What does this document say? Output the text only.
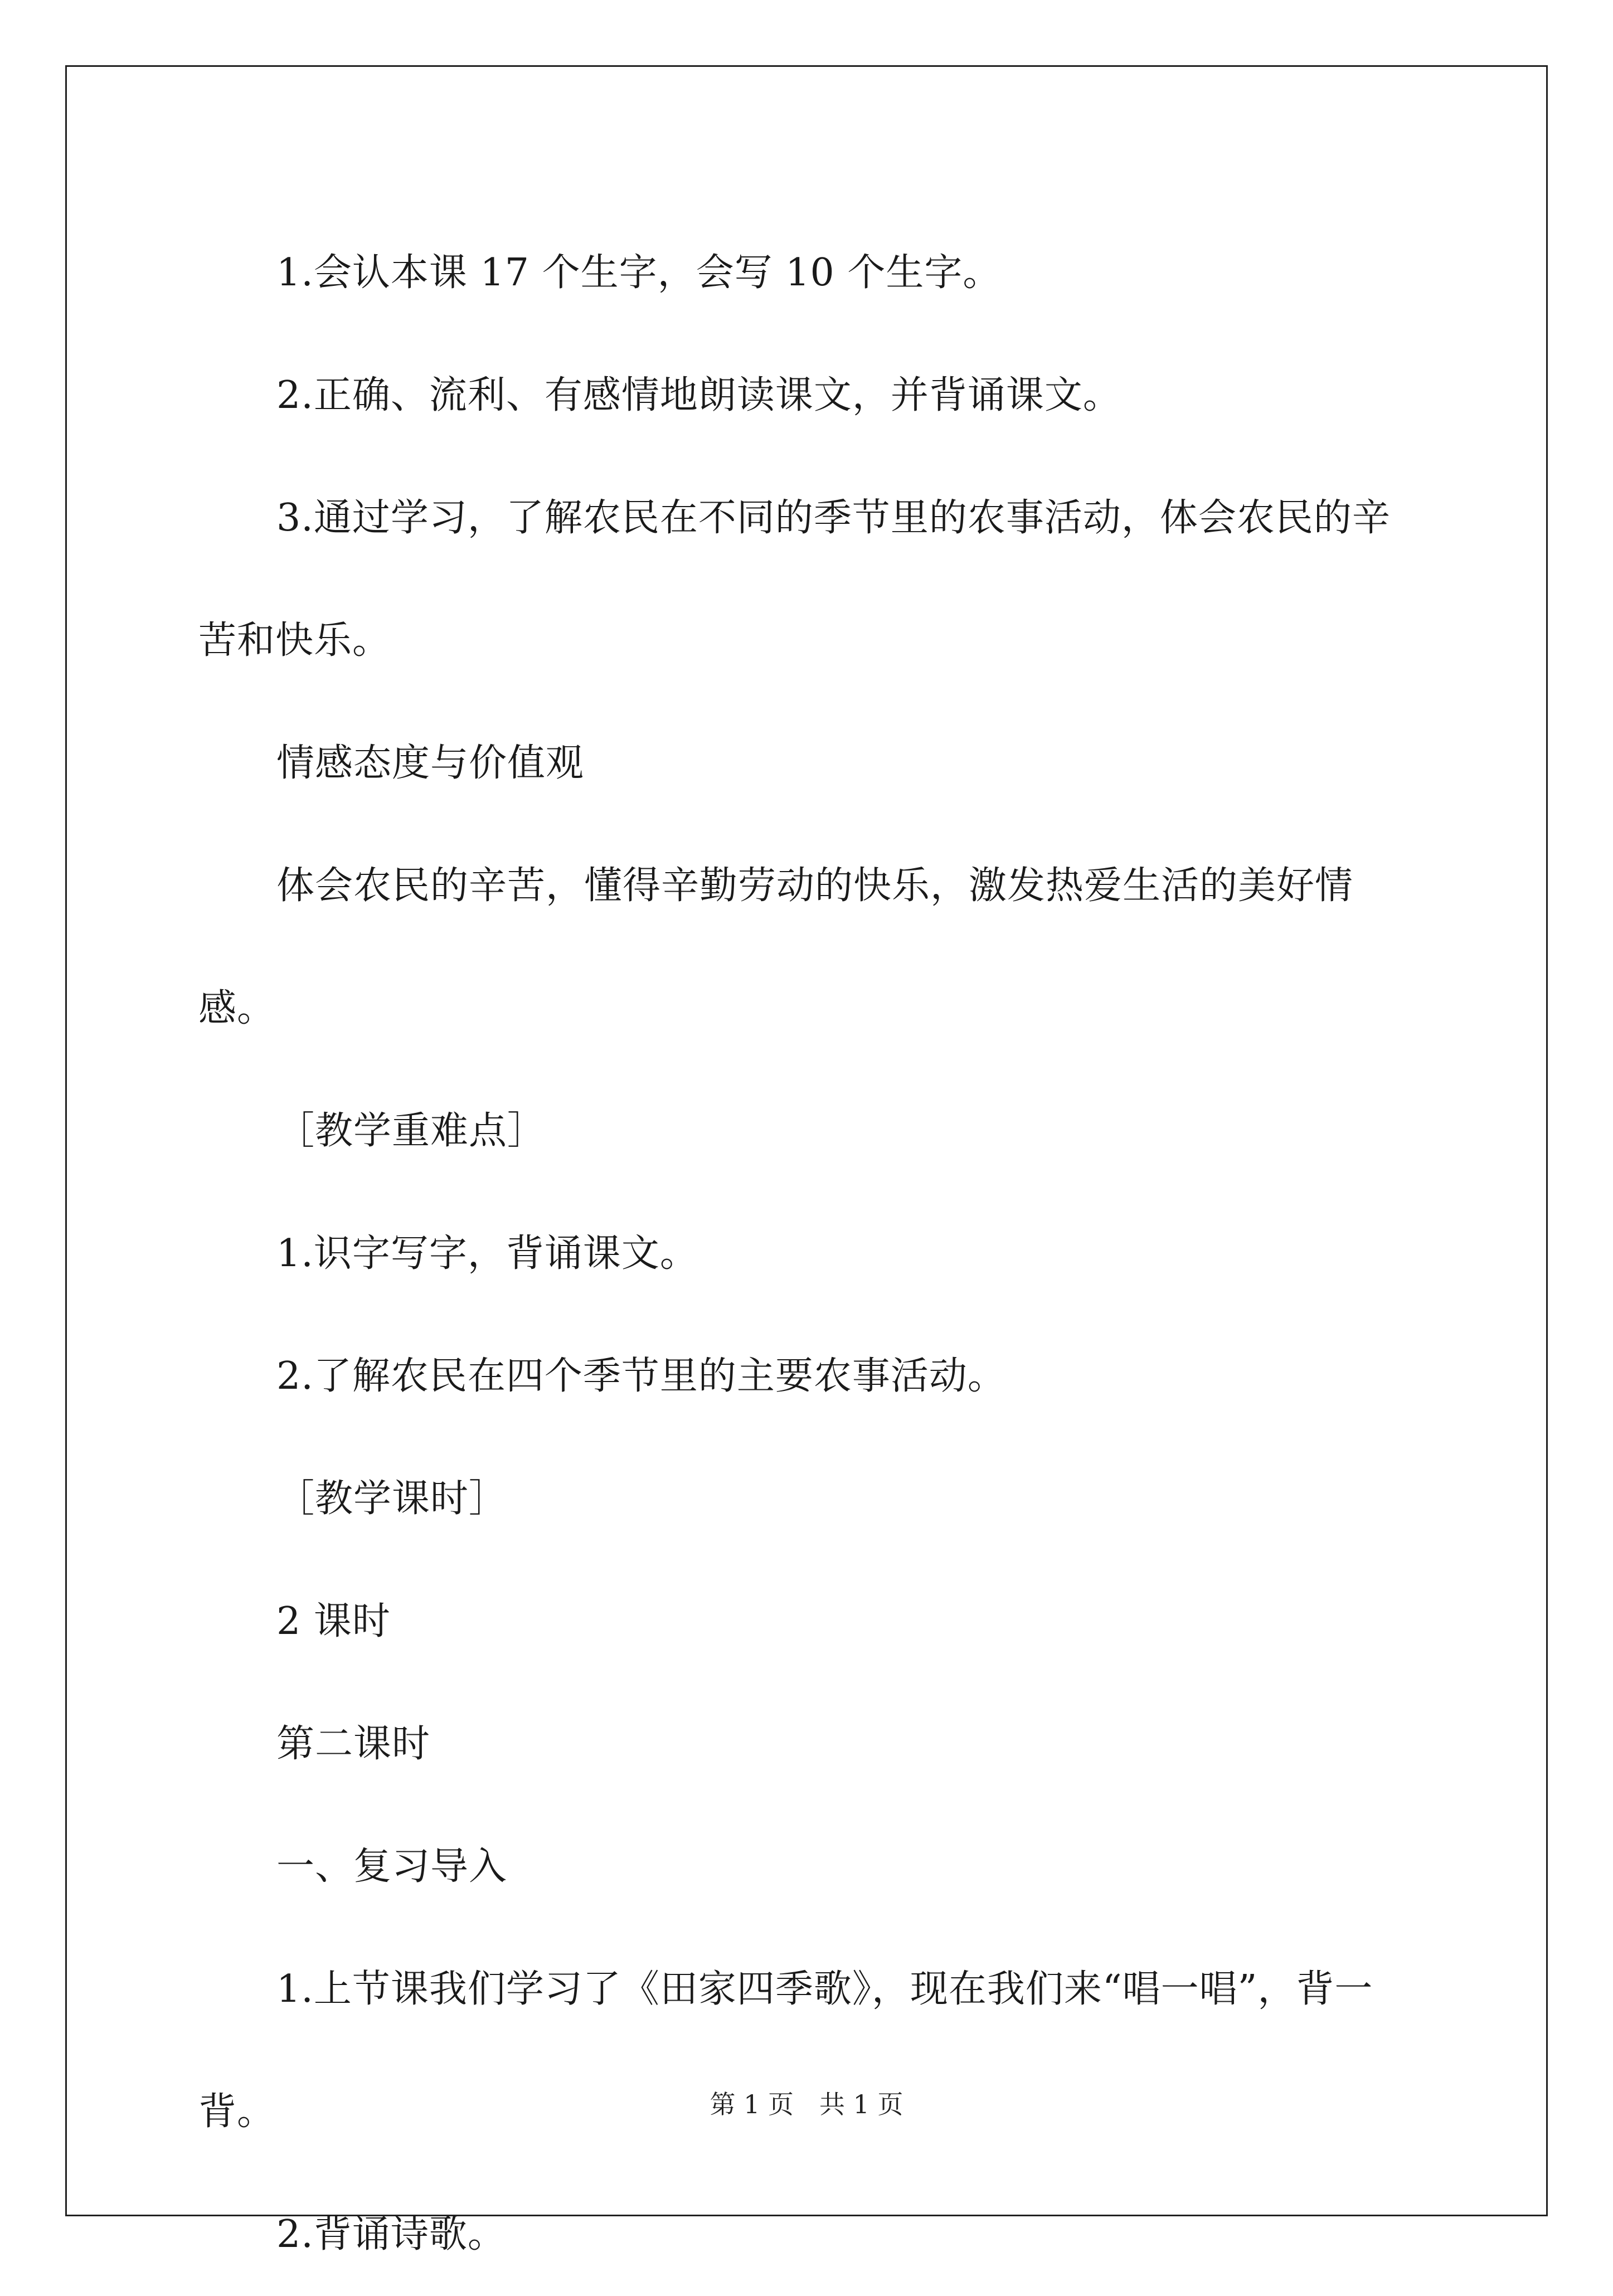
1.会认本课 17 个生字，会写 10 个生字。

2.正确、流利、有感情地朗读课文，并背诵课文。

3.通过学习，了解农民在不同的季节里的农事活动，体会农民的辛苦和快乐。

情感态度与价值观

体会农民的辛苦，懂得辛勤劳动的快乐，激发热爱生活的美好情感。

［教学重难点］

1.识字写字，背诵课文。

2.了解农民在四个季节里的主要农事活动。

［教学课时］

2 课时

第二课时

一、复习导入

1.上节课我们学习了《田家四季歌》，现在我们来“唱一唱”，背一背。

2.背诵诗歌。

第 1 页　共 1 页
